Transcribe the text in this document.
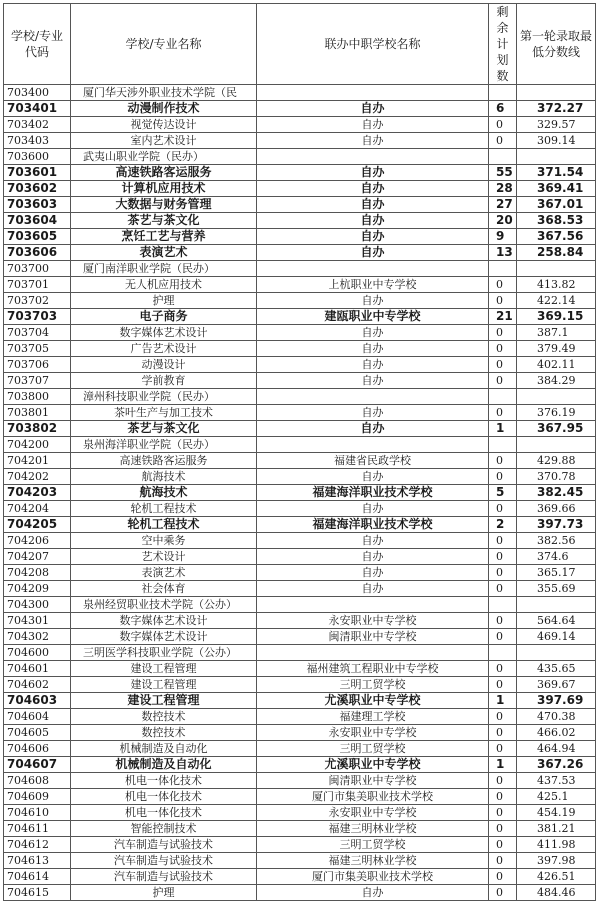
学校/专业代码	学校/专业名称	联办中职学校名称	剩余计划数	第一轮录取最低分数线
703400	厦门华天涉外职业技术学院（民			
703401	动漫制作技术	自办	6	372.27
703402	视觉传达设计	自办	0	329.57
703403	室内艺术设计	自办	0	309.14
703600	武夷山职业学院（民办）			
703601	高速铁路客运服务	自办	55	371.54
703602	计算机应用技术	自办	28	369.41
703603	大数据与财务管理	自办	27	367.01
703604	茶艺与茶文化	自办	20	368.53
703605	烹饪工艺与营养	自办	9	367.56
703606	表演艺术	自办	13	258.84
703700	厦门南洋职业学院（民办）			
703701	无人机应用技术	上杭职业中专学校	0	413.82
703702	护理	自办	0	422.14
703703	电子商务	建瓯职业中专学校	21	369.15
703704	数字媒体艺术设计	自办	0	387.1
703705	广告艺术设计	自办	0	379.49
703706	动漫设计	自办	0	402.11
703707	学前教育	自办	0	384.29
703800	漳州科技职业学院（民办）			
703801	茶叶生产与加工技术	自办	0	376.19
703802	茶艺与茶文化	自办	1	367.95
704200	泉州海洋职业学院（民办）			
704201	高速铁路客运服务	福建省民政学校	0	429.88
704202	航海技术	自办	0	370.78
704203	航海技术	福建海洋职业技术学校	5	382.45
704204	轮机工程技术	自办	0	369.66
704205	轮机工程技术	福建海洋职业技术学校	2	397.73
704206	空中乘务	自办	0	382.56
704207	艺术设计	自办	0	374.6
704208	表演艺术	自办	0	365.17
704209	社会体育	自办	0	355.69
704300	泉州经贸职业技术学院（公办）			
704301	数字媒体艺术设计	永安职业中专学校	0	564.64
704302	数字媒体艺术设计	闽清职业中专学校	0	469.14
704600	三明医学科技职业学院（公办）			
704601	建设工程管理	福州建筑工程职业中专学校	0	435.65
704602	建设工程管理	三明工贸学校	0	369.67
704603	建设工程管理	尤溪职业中专学校	1	397.69
704604	数控技术	福建理工学校	0	470.38
704605	数控技术	永安职业中专学校	0	466.02
704606	机械制造及自动化	三明工贸学校	0	464.94
704607	机械制造及自动化	尤溪职业中专学校	1	367.26
704608	机电一体化技术	闽清职业中专学校	0	437.53
704609	机电一体化技术	厦门市集美职业技术学校	0	425.1
704610	机电一体化技术	永安职业中专学校	0	454.19
704611	智能控制技术	福建三明林业学校	0	381.21
704612	汽车制造与试验技术	三明工贸学校	0	411.98
704613	汽车制造与试验技术	福建三明林业学校	0	397.98
704614	汽车制造与试验技术	厦门市集美职业技术学校	0	426.51
704615	护理	自办	0	484.46
